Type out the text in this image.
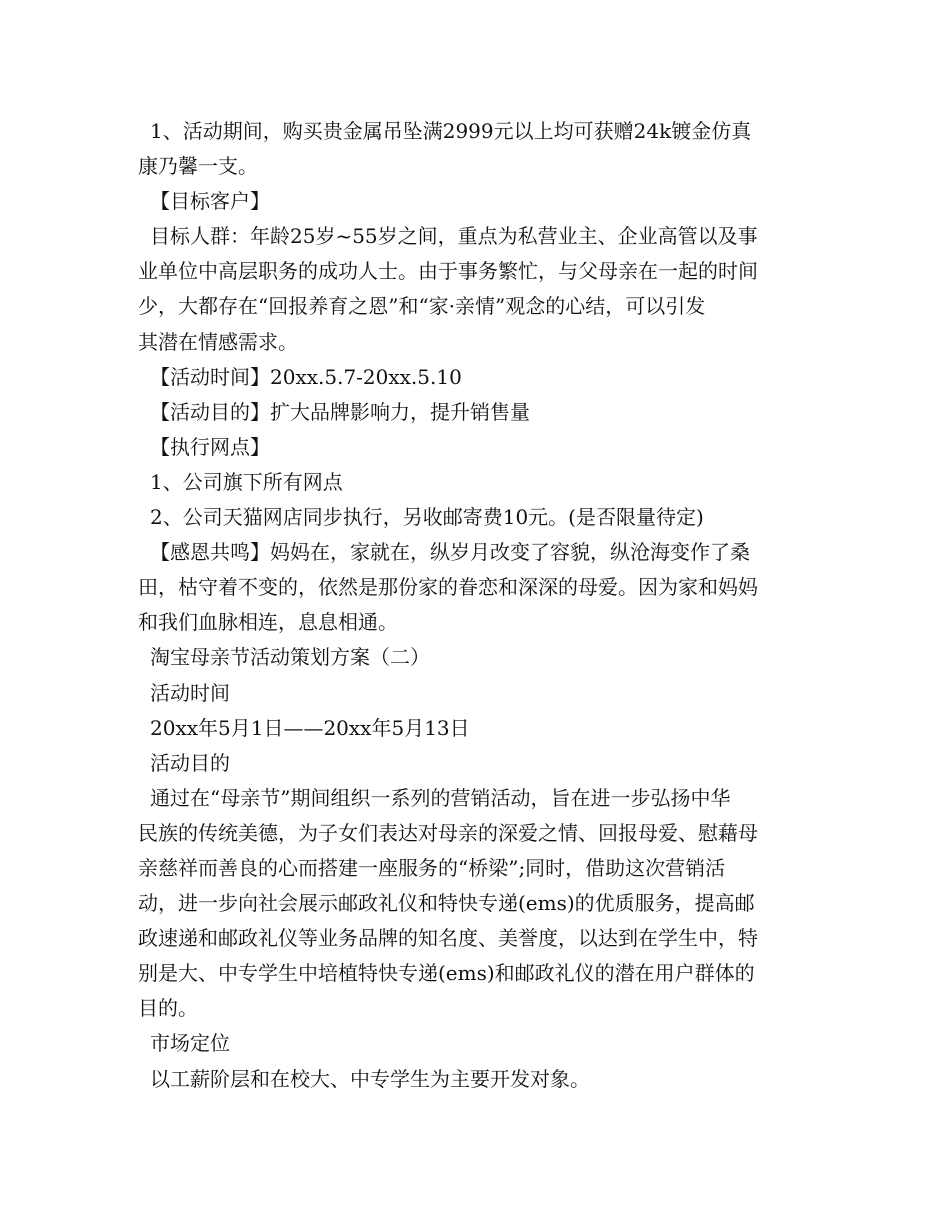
1、活动期间，购买贵金属吊坠满2999元以上均可获赠24k镀金仿真

康乃馨一支。

【目标客户】

目标人群：年龄25岁~55岁之间，重点为私营业主、企业高管以及事

业单位中高层职务的成功人士。由于事务繁忙，与父母亲在一起的时间

少，大都存在“回报养育之恩”和“家·亲情”观念的心结，可以引发

其潜在情感需求。

【活动时间】20xx.5.7-20xx.5.10

【活动目的】扩大品牌影响力，提升销售量

【执行网点】

1、公司旗下所有网点

2、公司天猫网店同步执行，另收邮寄费10元。(是否限量待定)

【感恩共鸣】妈妈在，家就在，纵岁月改变了容貌，纵沧海变作了桑

田，枯守着不变的，依然是那份家的眷恋和深深的母爱。因为家和妈妈

和我们血脉相连，息息相通。

淘宝母亲节活动策划方案（二）

活动时间

20xx年5月1日——20xx年5月13日

活动目的

通过在“母亲节”期间组织一系列的营销活动，旨在进一步弘扬中华

民族的传统美德，为子女们表达对母亲的深爱之情、回报母爱、慰藉母

亲慈祥而善良的心而搭建一座服务的“桥梁”;同时，借助这次营销活

动，进一步向社会展示邮政礼仪和特快专递(ems)的优质服务，提高邮

政速递和邮政礼仪等业务品牌的知名度、美誉度，以达到在学生中，特

别是大、中专学生中培植特快专递(ems)和邮政礼仪的潜在用户群体的

目的。

市场定位

以工薪阶层和在校大、中专学生为主要开发对象。
